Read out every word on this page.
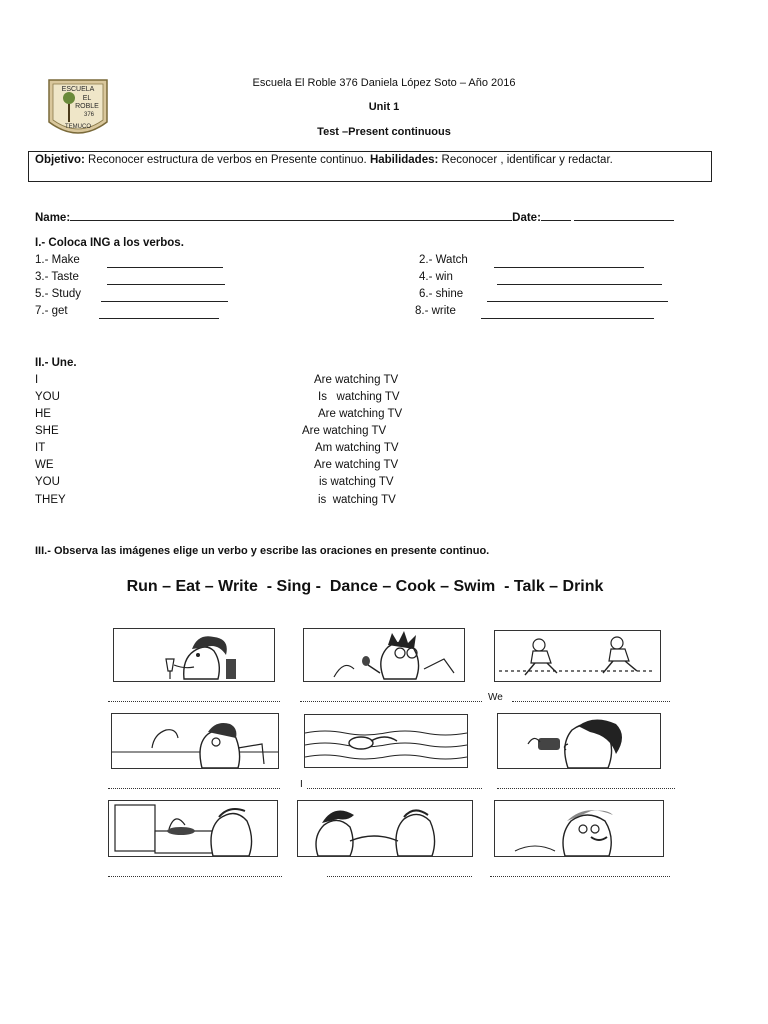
ESCUELA
EL
ROBLE
376
TEMUCO
Escuela El Roble 376 Daniela López Soto – Año 2016
Unit 1
Test –Present continuous
Objetivo: Reconocer estructura de verbos en Presente continuo. Habilidades: Reconocer , identificar y redactar.
Name:	Date:
I.- Coloca ING a los verbos.
1.- Make
3.- Taste
5.- Study
7.- get
2.- Watch
4.- win
6.- shine
8.- write
II.- Une.
I
YOU
HE
SHE
IT
WE
YOU
THEY
Are watching TV
Is   watching TV
Are watching TV
Are watching TV
Am watching TV
Are watching TV
is watching TV
is  watching TV
III.- Observa las imágenes elige un verbo y escribe las oraciones en presente continuo.
Run – Eat – Write  - Sing -  Dance – Cook – Swim  - Talk – Drink
We
I
